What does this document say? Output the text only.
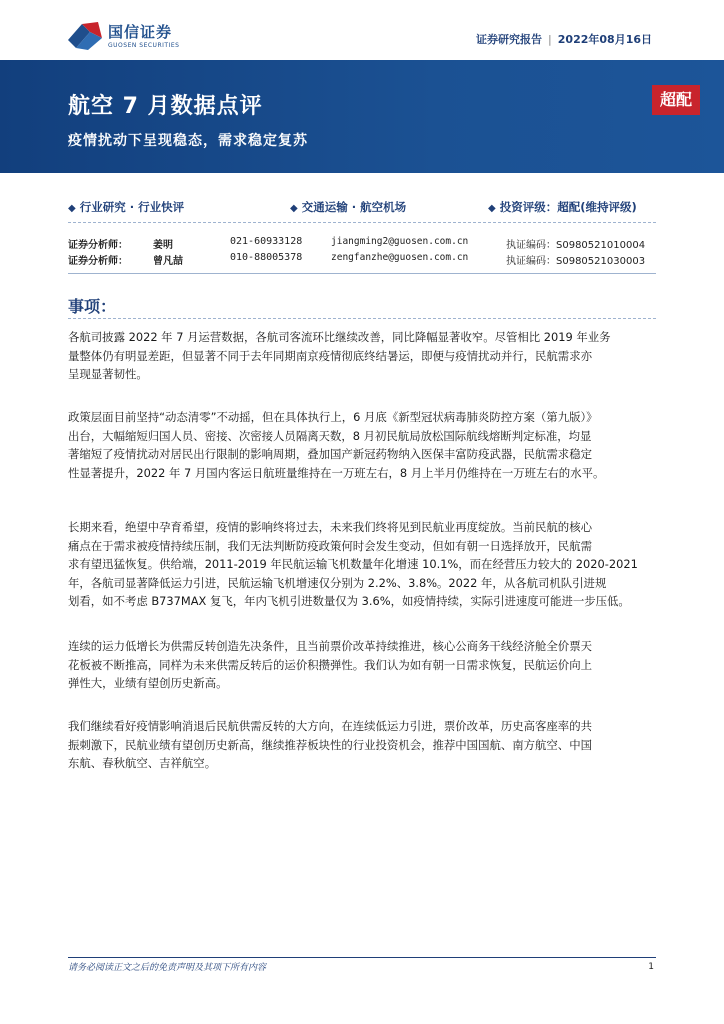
国信证券
GUOSEN SECURITIES	证券研究报告 | 2022年08月16日
航空 7 月数据点评
疫情扰动下呈现稳态，需求稳定复苏
超配
◆ 行业研究 · 行业快评	◆ 交通运输 · 航空机场	◆ 投资评级：超配(维持评级)
证券分析师：	姜明	021-60933128	jiangming2@guosen.com.cn	执证编码：S0980521010004
证券分析师：	曾凡喆	010-88005378	zengfanzhe@guosen.com.cn	执证编码：S0980521030003
事项：
各航司披露 2022 年 7 月运营数据，各航司客流环比继续改善，同比降幅显著收窄。尽管相比 2019 年业务
量整体仍有明显差距，但显著不同于去年同期南京疫情彻底终结暑运，即便与疫情扰动并行，民航需求亦
呈现显著韧性。
政策层面目前坚持“动态清零”不动摇，但在具体执行上，6 月底《新型冠状病毒肺炎防控方案（第九版）》
出台，大幅缩短归国人员、密接、次密接人员隔离天数，8 月初民航局放松国际航线熔断判定标准，均显
著缩短了疫情扰动对居民出行限制的影响周期，叠加国产新冠药物纳入医保丰富防疫武器，民航需求稳定
性显著提升，2022 年 7 月国内客运日航班量维持在一万班左右，8 月上半月仍维持在一万班左右的水平。
长期来看，绝望中孕育希望，疫情的影响终将过去，未来我们终将见到民航业再度绽放。当前民航的核心
痛点在于需求被疫情持续压制，我们无法判断防疫政策何时会发生变动，但如有朝一日选择放开，民航需
求有望迅猛恢复。供给端，2011-2019 年民航运输飞机数量年化增速 10.1%，而在经营压力较大的 2020-2021
年，各航司显著降低运力引进，民航运输飞机增速仅分别为 2.2%、3.8%。2022 年，从各航司机队引进规
划看，如不考虑 B737MAX 复飞，年内飞机引进数量仅为 3.6%，如疫情持续，实际引进速度可能进一步压低。
连续的运力低增长为供需反转创造先决条件，且当前票价改革持续推进，核心公商务干线经济舱全价票天
花板被不断推高，同样为未来供需反转后的运价积攒弹性。我们认为如有朝一日需求恢复，民航运价向上
弹性大，业绩有望创历史新高。
我们继续看好疫情影响消退后民航供需反转的大方向，在连续低运力引进，票价改革，历史高客座率的共
振刺激下，民航业绩有望创历史新高，继续推荐板块性的行业投资机会，推荐中国国航、南方航空、中国
东航、春秋航空、吉祥航空。
请务必阅读正文之后的免责声明及其项下所有内容	1
